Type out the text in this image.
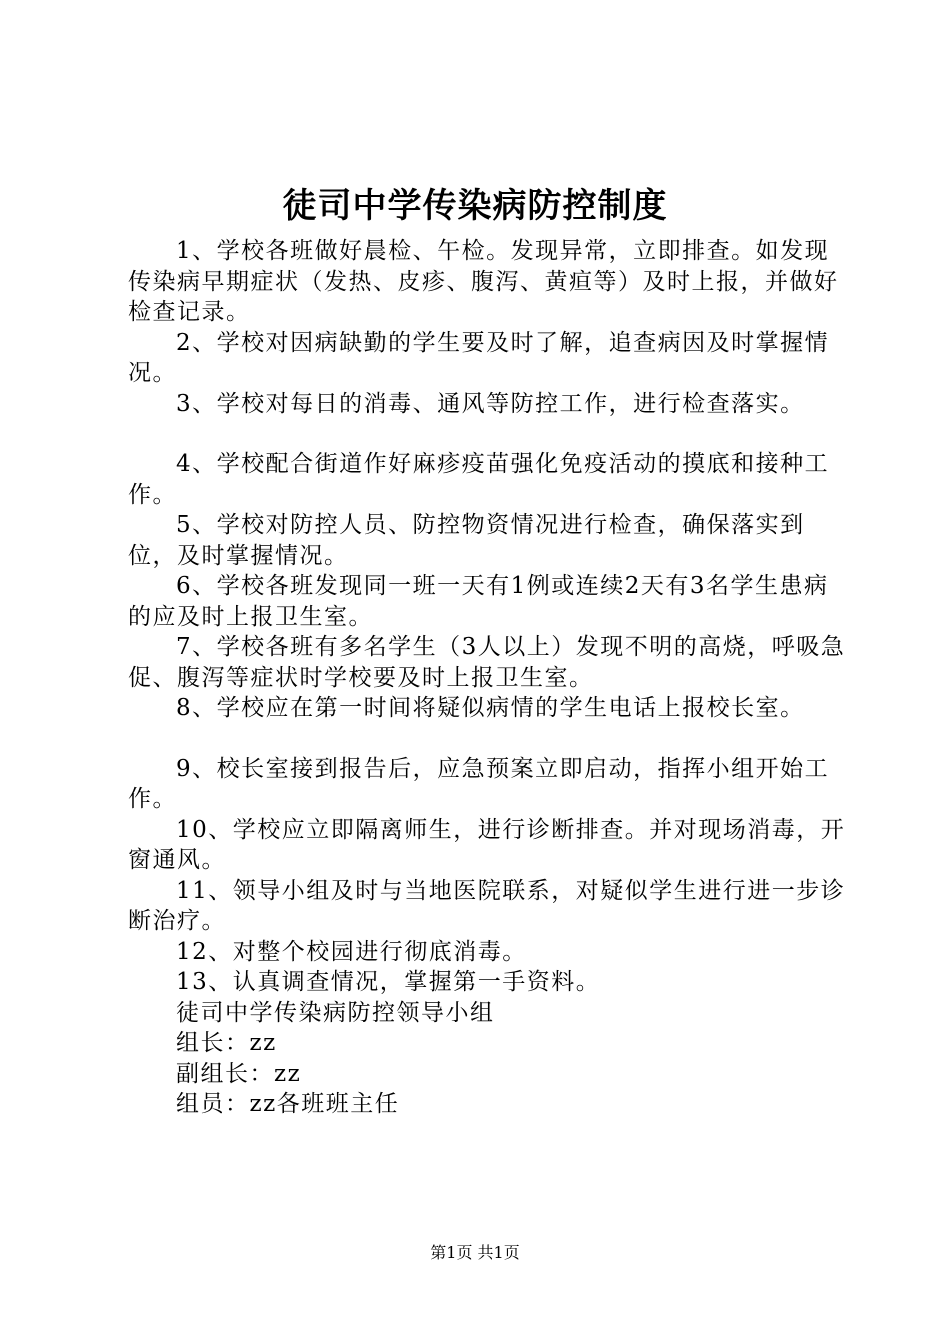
徒司中学传染病防控制度

1、学校各班做好晨检、午检。发现异常，立即排查。如发现传染病早期症状（发热、皮疹、腹泻、黄疸等）及时上报，并做好检查记录。

2、学校对因病缺勤的学生要及时了解，追查病因及时掌握情况。

3、学校对每日的消毒、通风等防控工作，进行检查落实。

4、学校配合街道作好麻疹疫苗强化免疫活动的摸底和接种工作。

5、学校对防控人员、防控物资情况进行检查，确保落实到位，及时掌握情况。

6、学校各班发现同一班一天有1例或连续2天有3名学生患病的应及时上报卫生室。

7、学校各班有多名学生（3人以上）发现不明的高烧，呼吸急促、腹泻等症状时学校要及时上报卫生室。

8、学校应在第一时间将疑似病情的学生电话上报校长室。

9、校长室接到报告后，应急预案立即启动，指挥小组开始工作。

10、学校应立即隔离师生，进行诊断排查。并对现场消毒，开窗通风。

11、领导小组及时与当地医院联系，对疑似学生进行进一步诊断治疗。

12、对整个校园进行彻底消毒。

13、认真调查情况，掌握第一手资料。

徒司中学传染病防控领导小组

组长：zz

副组长：zz

组员：zz各班班主任

第1页 共1页
